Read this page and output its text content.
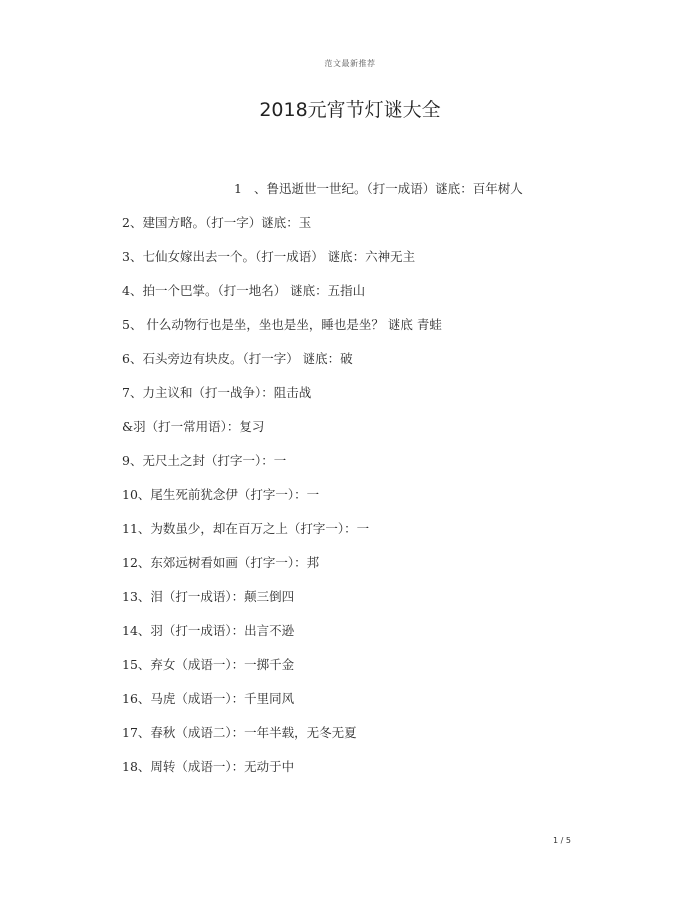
范文最新推荐
2018元宵节灯谜大全
1 、鲁迅逝世一世纪。（打一成语）谜底：百年树人
2、建国方略。（打一字）谜底：玉
3、七仙女嫁出去一个。（打一成语） 谜底：六神无主
4、拍一个巴掌。（打一地名） 谜底：五指山
5、 什么动物行也是坐，坐也是坐，睡也是坐？ 谜底 青蛙
6、石头旁边有块皮。（打一字） 谜底：破
7、力主议和（打一战争）：阻击战
&羽（打一常用语）：复习
9、无尺土之封（打字一）：一
10、尾生死前犹念伊（打字一）：一
11、为数虽少，却在百万之上（打字一）：一
12、东郊远树看如画（打字一）：邦
13、泪（打一成语）：颠三倒四
14、羽（打一成语）：出言不逊
15、弃女（成语一）：一掷千金
16、马虎（成语一）：千里同风
17、春秋（成语二）：一年半载，无冬无夏
18、周转（成语一）：无动于中
1 / 5
